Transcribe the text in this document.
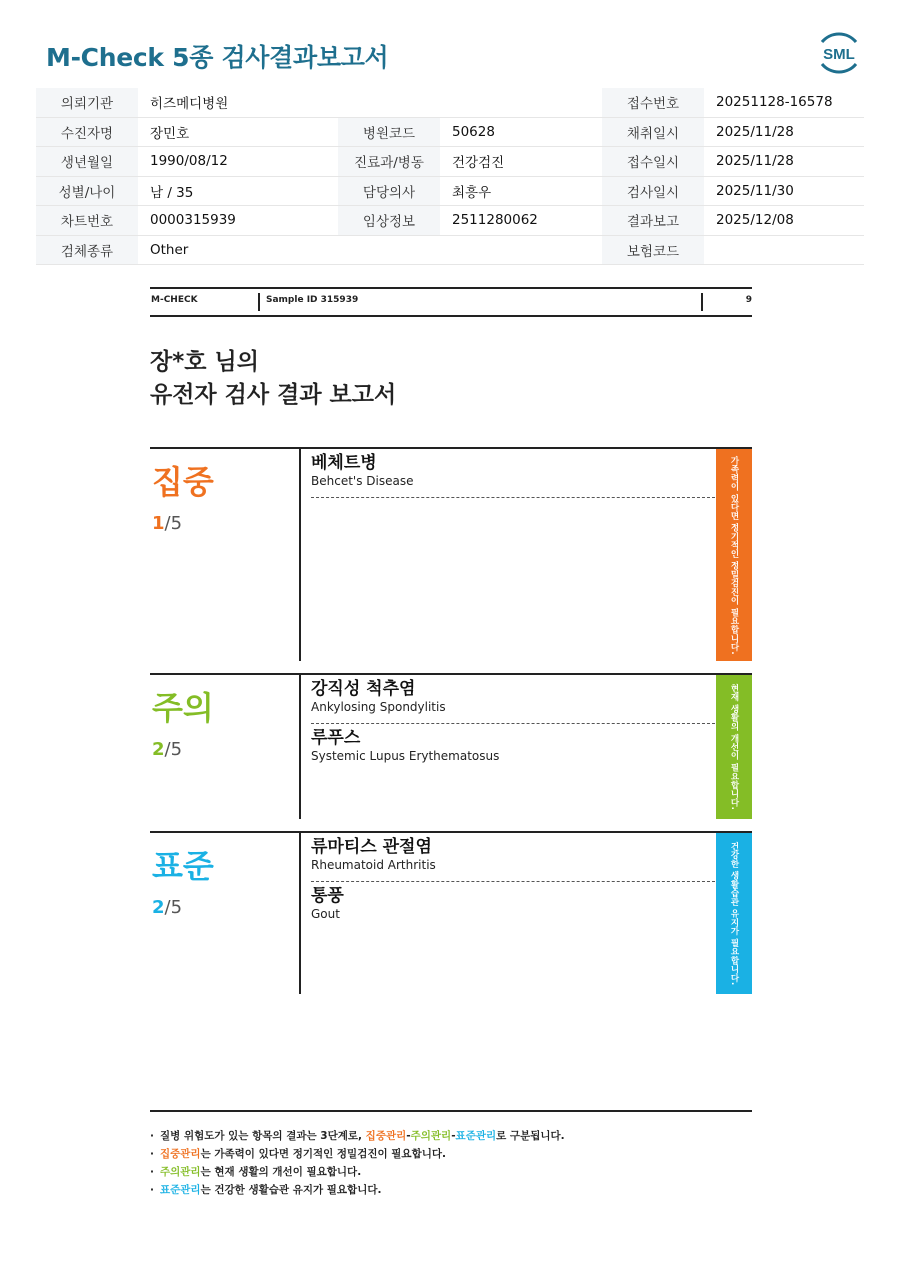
M-Check 5종 검사결과보고서	SML
의뢰기관	히즈메디병원	접수번호	20251128-16578
수진자명	장민호	병원코드	50628	채취일시	2025/11/28
생년월일	1990/08/12	진료과/병동	건강검진	접수일시	2025/11/28
성별/나이	남 / 35	담당의사	최흥우	검사일시	2025/11/30
차트번호	0000315939	임상정보	2511280062	결과보고	2025/12/08
검체종류	Other	보험코드
M-CHECK	Sample ID 315939	9
장*호 님의
유전자 검사 결과 보고서
집중
1/5
베체트병
Behcet's Disease	가족력이 있다면 정기적인 정밀검진이 필요합니다.
주의
2/5
강직성 척추염
Ankylosing Spondylitis
루푸스
Systemic Lupus Erythematosus	현재 생활의 개선이 필요합니다.
표준
2/5
류마티스 관절염
Rheumatoid Arthritis
통풍
Gout	건강한 생활습관 유지가 필요합니다.
· 질병 위험도가 있는 항목의 결과는 3단계로, 집중관리-주의관리-표준관리로 구분됩니다.
· 집중관리는 가족력이 있다면 정기적인 정밀검진이 필요합니다.
· 주의관리는 현재 생활의 개선이 필요합니다.
· 표준관리는 건강한 생활습관 유지가 필요합니다.
